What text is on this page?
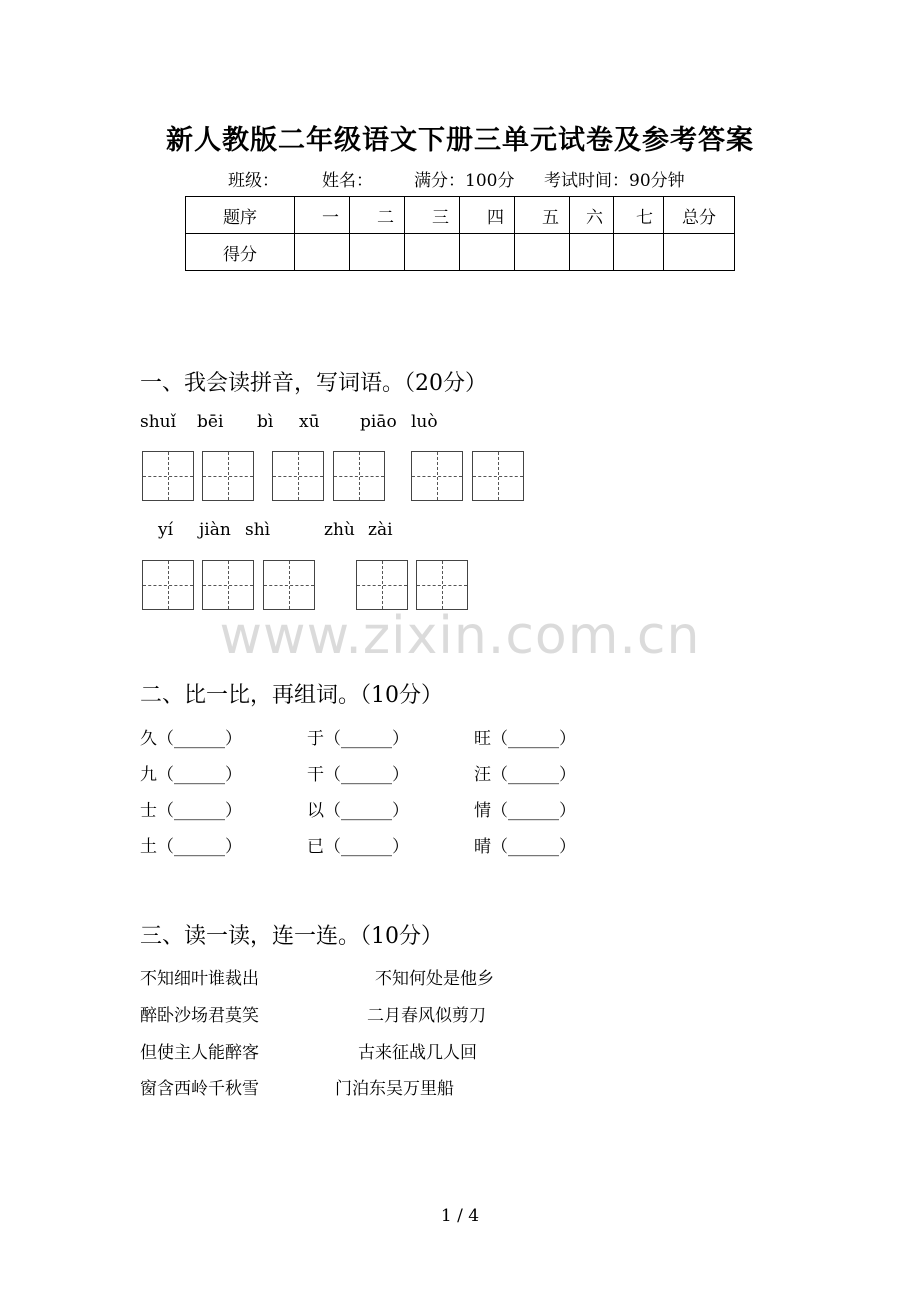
新人教版二年级语文下册三单元试卷及参考答案
班级：	姓名： 满分：100分 考试时间：90分钟
题序	一	二	三	四	五	六	七	总分
得分								
一、我会读拼音，写词语。（20分）
shuǐ bēi bì xū piāo luò
yí jiàn shì	zhù zài
www.zixin.com.cn
二、比一比，再组词。（10分）
久（______）	于（______）	旺（______）
九（______）	干（______）	汪（______）
士（______）	以（______）	情（______）
土（______）	已（______）	晴（______）
三、读一读，连一连。（10分）
不知细叶谁裁出	不知何处是他乡
醉卧沙场君莫笑	二月春风似剪刀
但使主人能醉客	古来征战几人回
窗含西岭千秋雪	门泊东吴万里船
1 / 4
